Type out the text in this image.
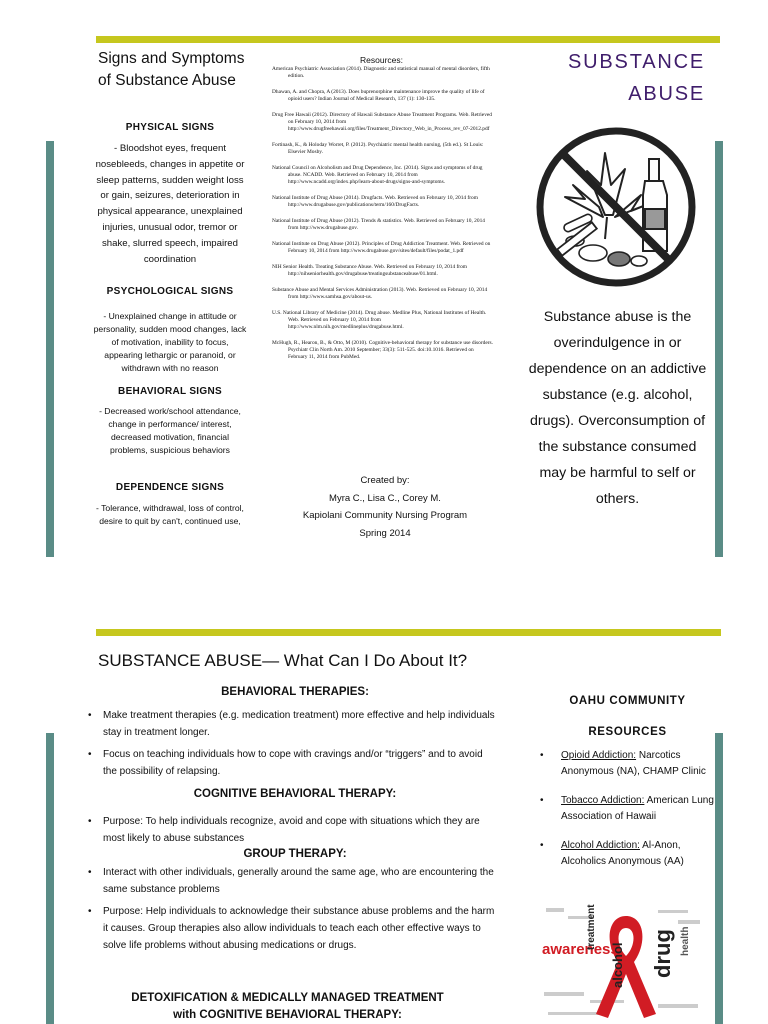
Signs and Symptoms of Substance Abuse
PHYSICAL SIGNS
- Bloodshot eyes, frequent nosebleeds, changes in appetite or sleep patterns, sudden weight loss or gain, seizures, deterioration in physical appearance, unexplained injuries, unusual odor, tremor or shake, slurred speech, impaired coordination
PSYCHOLOGICAL SIGNS
- Unexplained change in attitude or personality, sudden mood changes, lack of motivation, inability to focus, appearing lethargic or paranoid, or withdrawn with no reason
BEHAVIORAL SIGNS
- Decreased work/school attendance, change in performance/ interest, decreased motivation, financial problems, suspicious behaviors
DEPENDENCE SIGNS
- Tolerance, withdrawal, loss of control, desire to quit by can't, continued use,
Resources:
American Psychiatric Association (2014). Diagnostic and statistical manual of mental disorders, fifth edition.
Dhawan, A. and Chopra, A (2013). Does buprenorphine maintenance improve the quality of life of opioid users? Indian Journal of Medical Research, 137 (1): 130-135.
Drug Free Hawaii (2012). Directory of Hawaii Substance Abuse Treatment Programs. Web. Retrieved on February 10, 2014 from http://www.drugfreehawaii.org/files/Treatment_Directory_Web_in_Process_rev_07-2012.pdf
Fortinash, K., & Holoday Worret, P. (2012). Psychiatric mental health nursing, (5th ed.). St Louis: Elsevier Mosby.
National Council on Alcoholism and Drug Dependence, Inc. (2014). Signs and symptoms of drug abuse. NCADD. Web. Retrieved on February 10, 2014 from http://www.ncadd.org/index.php/learn-about-drugs/signs-and-symptoms.
National Institute of Drug Abuse (2014). Drugfacts. Web. Retrieved on February 10, 2014 from http://www.drugabuse.gov/publications/term/160/DrugFacts.
National Institute of Drug Abuse (2012). Trends & statistics. Web. Retrieved on February 10, 2014 from http://www.drugabuse.gov.
National Institute on Drug Abuse (2012). Principles of Drug Addiction Treatment. Web. Retrieved on February 10, 2014 from http://www.drugabuse.gov/sites/default/files/podat_1.pdf
NIH Senior Health. Treating Substance Abuse. Web. Retrieved on February 10, 2014 from http://nihseniorhealth.gov/drugabuse/treatingsubstanceabuse/01.html.
Substance Abuse and Mental Services Administration (2013). Web. Retrieved on February 10, 2014 from http://www.samhsa.gov/about-us.
U.S. National Library of Medicine (2014). Drug abuse. Medline Plus, National Institutes of Health. Web. Retrieved on February 10, 2014 from http://www.nlm.nih.gov/medlineplus/drugabuse.html.
McHugh, R., Hearon, B., & Otto, M (2010). Cognitive-behavioral therapy for substance use disorders. Psychiatr Clin North Am. 2010 September; 33(3): 511-525. doi:10.1016. Retrieved on February 11, 2014 from PubMed.
Created by:
Myra C., Lisa C., Corey M.
Kapiolani Community Nursing Program
Spring 2014
SUBSTANCE
ABUSE
Substance abuse is the overindulgence in or dependence on an addictive substance (e.g. alcohol, drugs). Overconsumption of the substance consumed may be harmful to self or others.
SUBSTANCE ABUSE— What Can I Do About It?
BEHAVIORAL THERAPIES:
• Make treatment therapies (e.g. medication treatment) more effective and help individuals stay in treatment longer.
• Focus on teaching individuals how to cope with cravings and/or “triggers” and to avoid the possibility of relapsing.
COGNITIVE BEHAVIORAL THERAPY:
• Purpose: To help individuals recognize, avoid and cope with situations which they are most likely to abuse substances
GROUP THERAPY:
• Interact with other individuals, generally around the same age, who are encountering the same substance problems
• Purpose: Help individuals to acknowledge their substance abuse problems and the harm it causes. Group therapies also allow individuals to teach each other effective ways to solve life problems without abusing medications or drugs.
DETOXIFICATION & MEDICALLY MANAGED TREATMENT
with COGNITIVE BEHAVIORAL THERAPY:
OAHU COMMUNITY
RESOURCES
• Opioid Addiction: Narcotics Anonymous (NA), CHAMP Clinic
• Tobacco Addiction: American Lung Association of Hawaii
• Alcohol Addiction: Al-Anon, Alcoholics Anonymous (AA)
awareness
treatment
alcohol drug health
